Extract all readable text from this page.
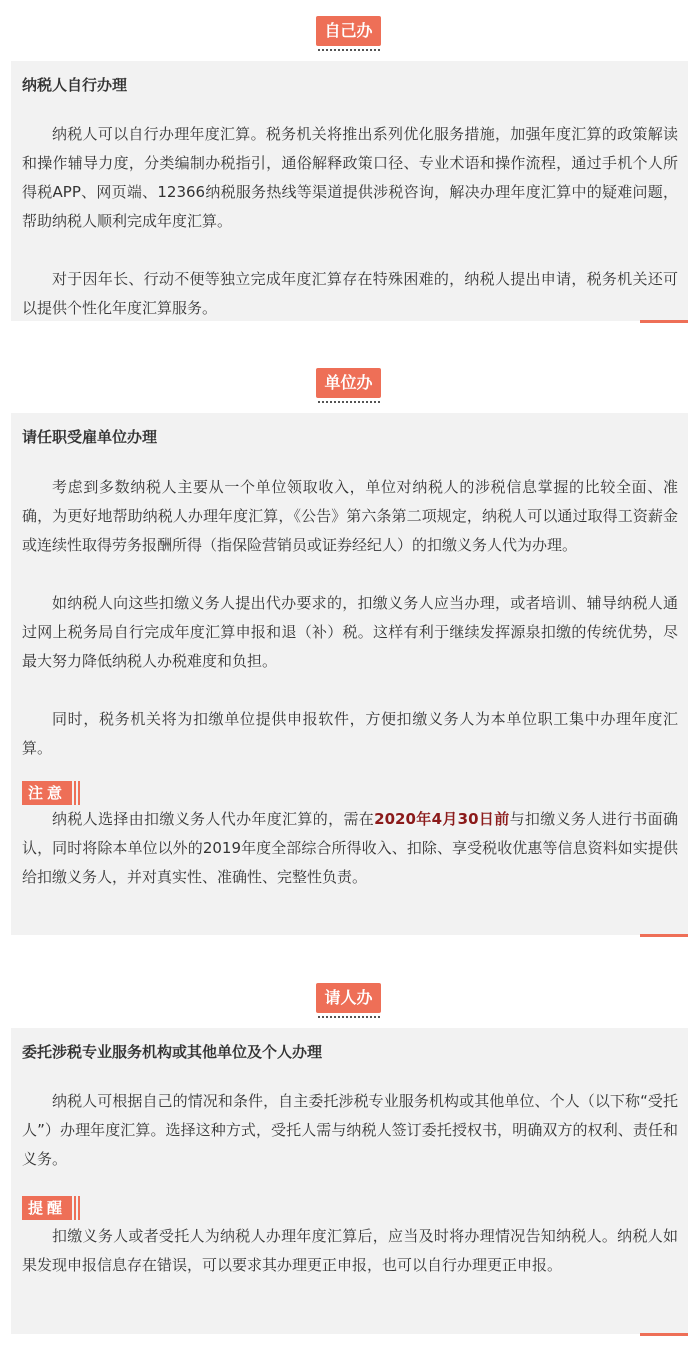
自己办

纳税人自行办理

纳税人可以自行办理年度汇算。税务机关将推出系列优化服务措施，加强年度汇算的政策解读和操作辅导力度，分类编制办税指引，通俗解释政策口径、专业术语和操作流程，通过手机个人所得税APP、网页端、12366纳税服务热线等渠道提供涉税咨询，解决办理年度汇算中的疑难问题，帮助纳税人顺利完成年度汇算。

对于因年长、行动不便等独立完成年度汇算存在特殊困难的，纳税人提出申请，税务机关还可以提供个性化年度汇算服务。

单位办

请任职受雇单位办理

考虑到多数纳税人主要从一个单位领取收入，单位对纳税人的涉税信息掌握的比较全面、准确，为更好地帮助纳税人办理年度汇算，《公告》第六条第二项规定，纳税人可以通过取得工资薪金或连续性取得劳务报酬所得（指保险营销员或证券经纪人）的扣缴义务人代为办理。

如纳税人向这些扣缴义务人提出代办要求的，扣缴义务人应当办理，或者培训、辅导纳税人通过网上税务局自行完成年度汇算申报和退（补）税。这样有利于继续发挥源泉扣缴的传统优势，尽最大努力降低纳税人办税难度和负担。

同时，税务机关将为扣缴单位提供申报软件，方便扣缴义务人为本单位职工集中办理年度汇算。

注意

纳税人选择由扣缴义务人代办年度汇算的，需在2020年4月30日前与扣缴义务人进行书面确认，同时将除本单位以外的2019年度全部综合所得收入、扣除、享受税收优惠等信息资料如实提供给扣缴义务人，并对真实性、准确性、完整性负责。

请人办

委托涉税专业服务机构或其他单位及个人办理

纳税人可根据自己的情况和条件，自主委托涉税专业服务机构或其他单位、个人（以下称“受托人”）办理年度汇算。选择这种方式，受托人需与纳税人签订委托授权书，明确双方的权利、责任和义务。

提醒

扣缴义务人或者受托人为纳税人办理年度汇算后，应当及时将办理情况告知纳税人。纳税人如果发现申报信息存在错误，可以要求其办理更正申报，也可以自行办理更正申报。
